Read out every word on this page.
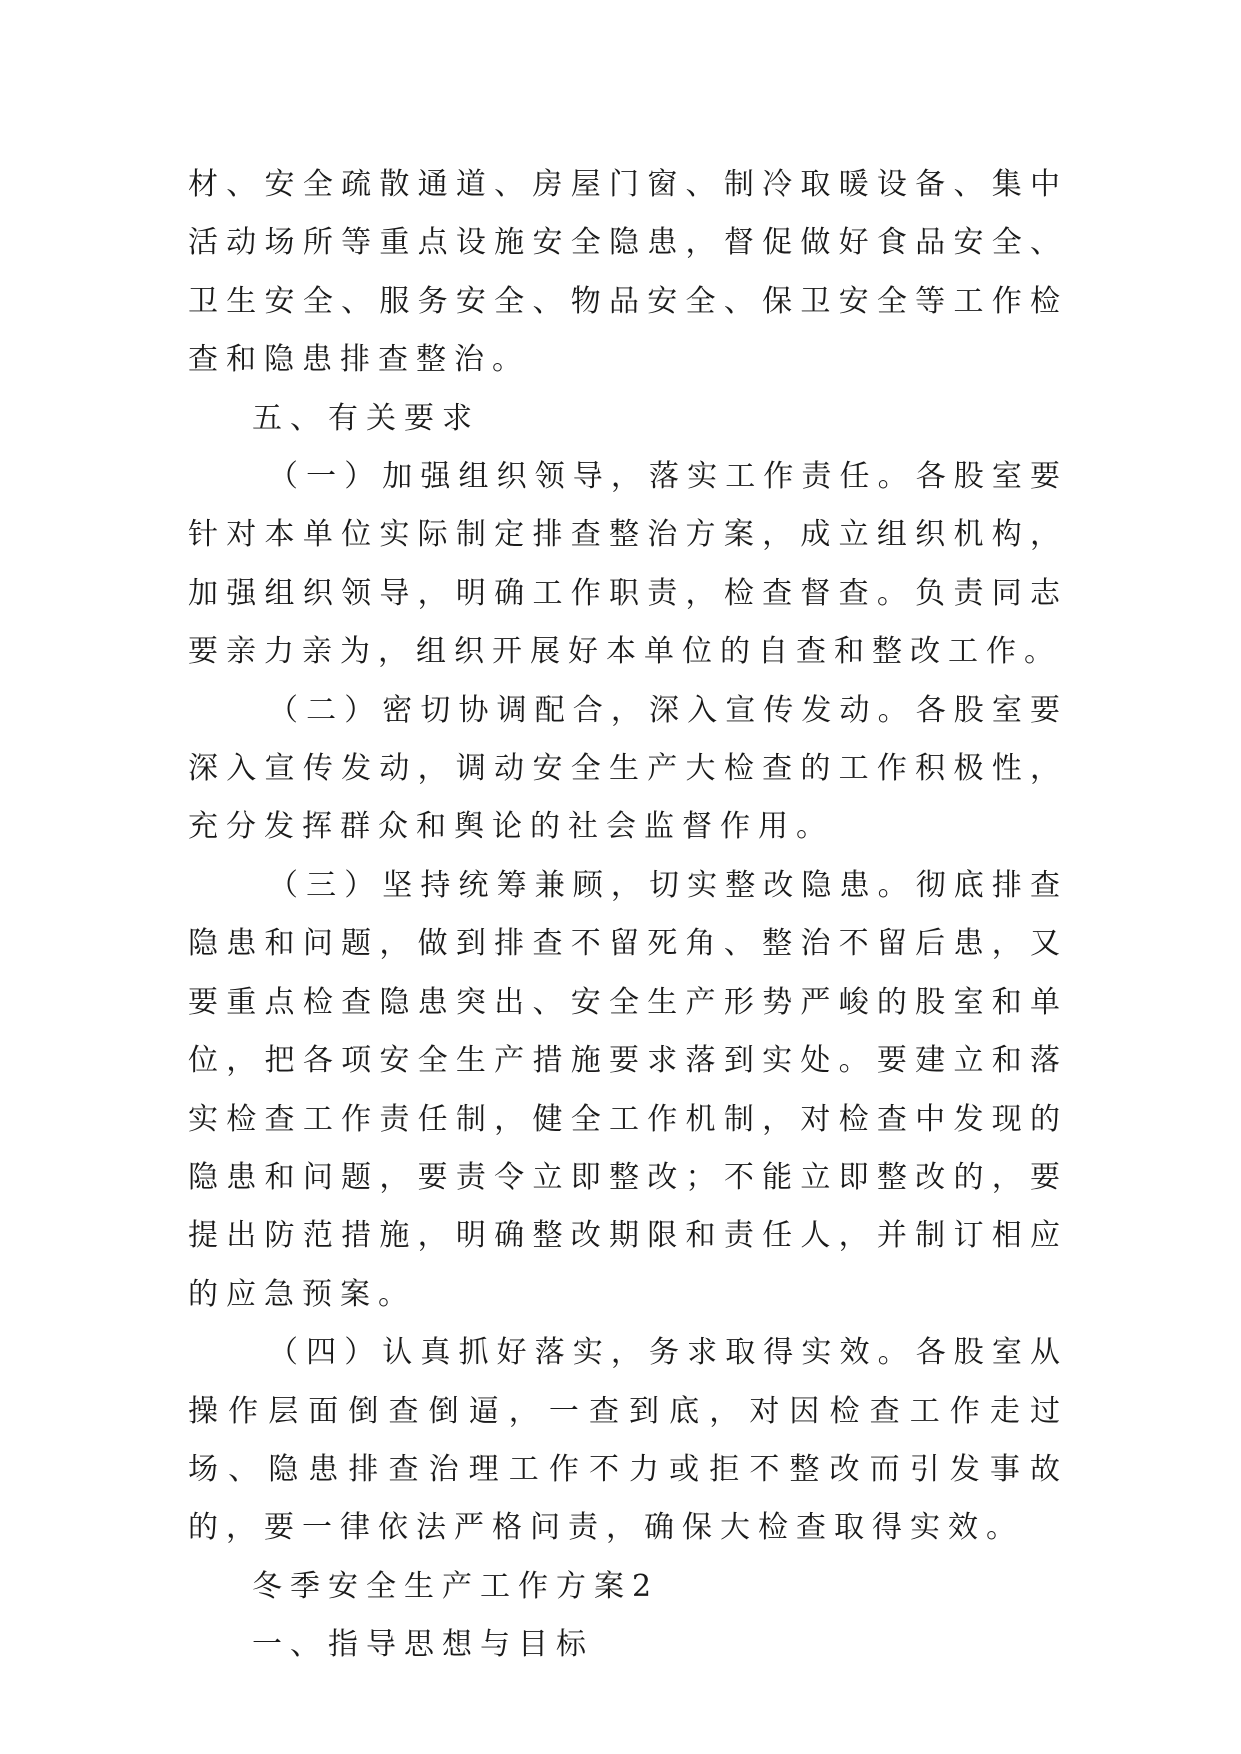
材、安全疏散通道、房屋门窗、制冷取暖设备、集中活动场所等重点设施安全隐患，督促做好食品安全、卫生安全、服务安全、物品安全、保卫安全等工作检查和隐患排查整治。

五、有关要求

（一）加强组织领导，落实工作责任。各股室要针对本单位实际制定排查整治方案，成立组织机构，加强组织领导，明确工作职责，检查督查。负责同志要亲力亲为，组织开展好本单位的自查和整改工作。

（二）密切协调配合，深入宣传发动。各股室要深入宣传发动，调动安全生产大检查的工作积极性，充分发挥群众和舆论的社会监督作用。

（三）坚持统筹兼顾，切实整改隐患。彻底排查隐患和问题，做到排查不留死角、整治不留后患，又要重点检查隐患突出、安全生产形势严峻的股室和单位，把各项安全生产措施要求落到实处。要建立和落实检查工作责任制，健全工作机制，对检查中发现的隐患和问题，要责令立即整改；不能立即整改的，要提出防范措施，明确整改期限和责任人，并制订相应的应急预案。

（四）认真抓好落实，务求取得实效。各股室从操作层面倒查倒逼，一查到底，对因检查工作走过场、隐患排查治理工作不力或拒不整改而引发事故的，要一律依法严格问责，确保大检查取得实效。

冬季安全生产工作方案2

一、指导思想与目标
